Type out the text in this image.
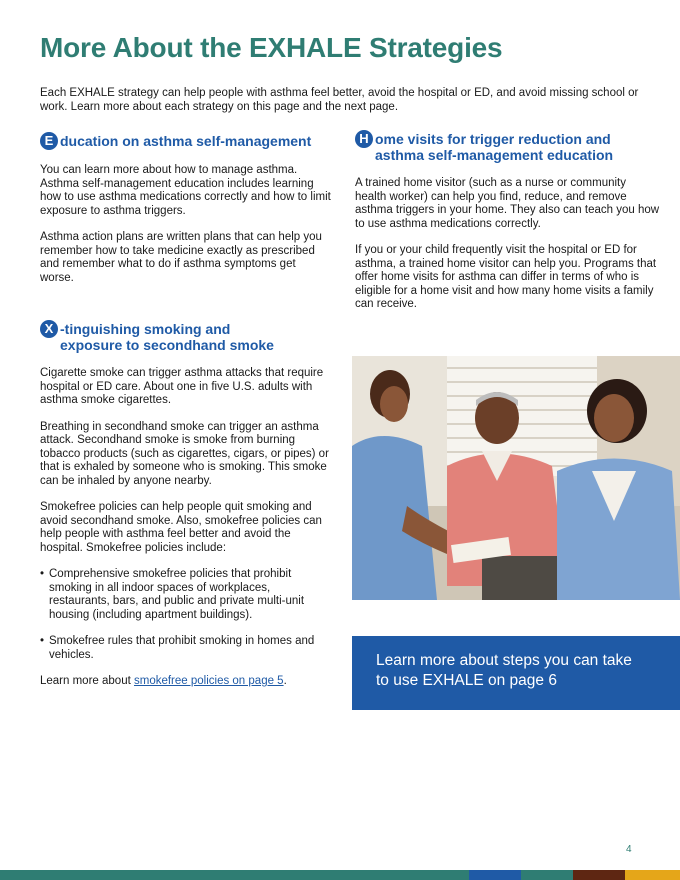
More About the EXHALE Strategies

Each EXHALE strategy can help people with asthma feel better, avoid the hospital or ED, and avoid missing school or work. Learn more about each strategy on this page and the next page.

E ducation on asthma self-management

You can learn more about how to manage asthma. Asthma self-management education includes learning how to use asthma medications correctly and how to limit exposure to asthma triggers.

Asthma action plans are written plans that can help you remember how to take medicine exactly as prescribed and remember what to do if asthma symptoms get worse.

X -tinguishing smoking and
exposure to secondhand smoke

Cigarette smoke can trigger asthma attacks that require hospital or ED care. About one in five U.S. adults with asthma smoke cigarettes.

Breathing in secondhand smoke can trigger an asthma attack. Secondhand smoke is smoke from burning tobacco products (such as cigarettes, cigars, or pipes) or that is exhaled by someone who is smoking. This smoke can be inhaled by anyone nearby.

Smokefree policies can help people quit smoking and avoid secondhand smoke. Also, smokefree policies can help people with asthma feel better and avoid the hospital. Smokefree policies include:

• Comprehensive smokefree policies that prohibit smoking in all indoor spaces of workplaces, restaurants, bars, and public and private multi-unit housing (including apartment buildings).
• Smokefree rules that prohibit smoking in homes and vehicles.

Learn more about smokefree policies on page 5.

H ome visits for trigger reduction and
asthma self-management education

A trained home visitor (such as a nurse or community health worker) can help you find, reduce, and remove asthma triggers in your home. They also can teach you how to use asthma medications correctly.

If you or your child frequently visit the hospital or ED for asthma, a trained home visitor can help you. Programs that offer home visits for asthma can differ in terms of who is eligible for a home visit and how many home visits a family can receive.

Learn more about steps you can take to use EXHALE on page 6
4
